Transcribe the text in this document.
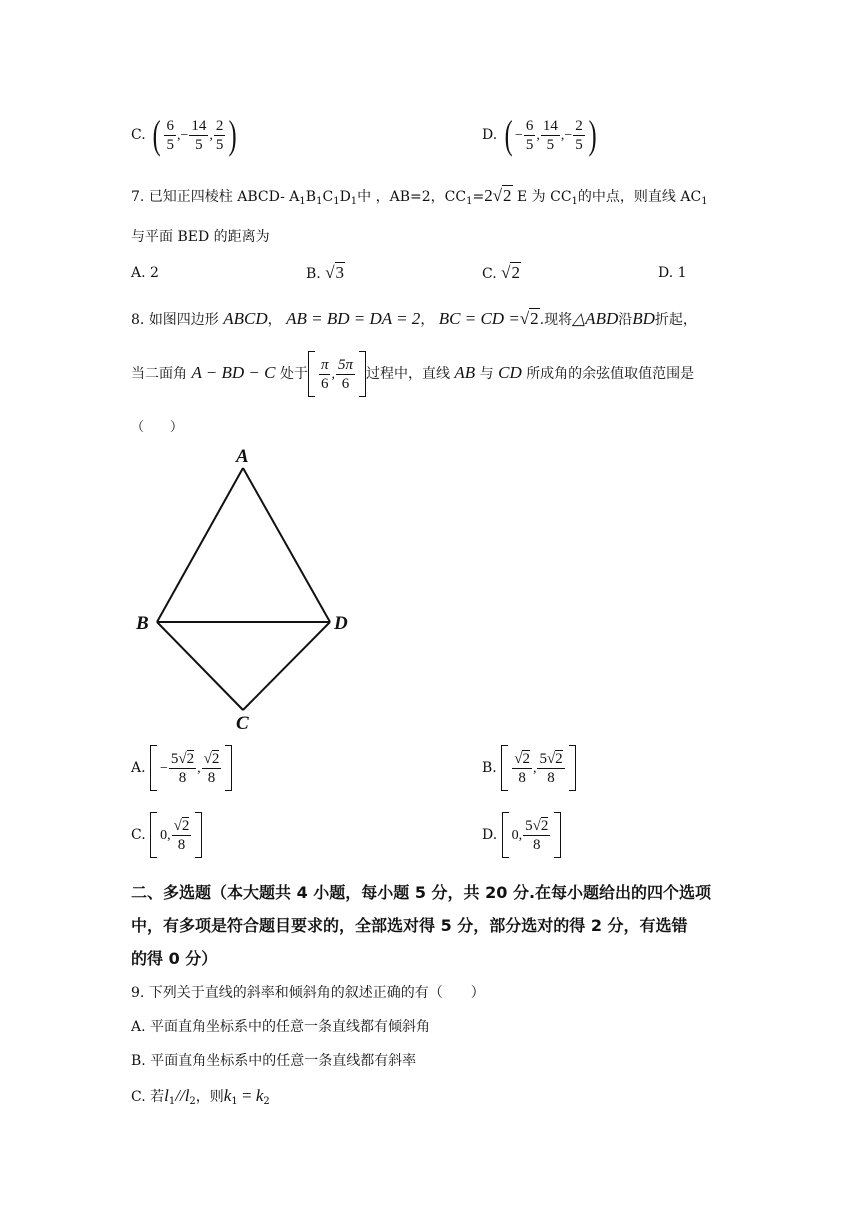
C. ( $\frac{6}{5}$ ,− $\frac{14}{5}$ , $\frac{2}{5}$ )	D. ( − $\frac{6}{5}$ , $\frac{14}{5}$ ,− $\frac{2}{5}$ )
7. 已知正四棱柱 ABCD- $A_1B_1C_1D_1$中 ，AB=2，$CC_1=2√2$ E 为 $CC_1$的中点，则直线 $AC_1$
与平面 BED 的距离为
A. 2	B. √3	C. √2	D. 1
8. 如图四边形 ABCD， AB = BD = DA = 2， BC = CD =√2.现将△ABD沿BD折起，
当二面角 A − BD − C 处于 $\frac{\pi}{6}$ , $\frac{5\pi}{6}$ 过程中，直线 AB 与 CD 所成角的余弦值取值范围是
（　　）
A
B	D
C
A. − $\frac{5√2}{8}$ , $\frac{√2}{8}$	B. $\frac{√2}{8}$ , $\frac{5√2}{8}$
C. 0, $\frac{√2}{8}$	D. 0, $\frac{5√2}{8}$
二、多选题（本大题共 4 小题，每小题 5 分，共 20 分.在每小题给出的四个选项
中，有多项是符合题目要求的，全部选对得 5 分，部分选对的得 2 分，有选错
的得 0 分）
9. 下列关于直线的斜率和倾斜角的叙述正确的有（　　）
A. 平面直角坐标系中的任意一条直线都有倾斜角
B. 平面直角坐标系中的任意一条直线都有斜率
C. 若$l_1//l_2$，则$k_1 = k_2$
